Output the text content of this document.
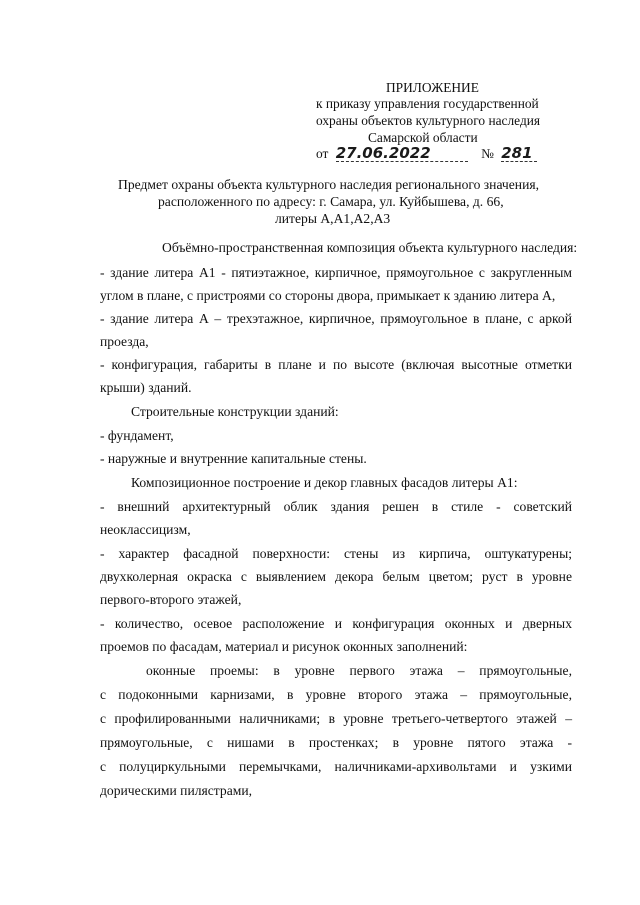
ПРИЛОЖЕНИЕ
к приказу управления государственной
охраны объектов культурного наследия
Самарской области
от 27.06.2022	№ 281
Предмет охраны объекта культурного наследия регионального значения,
расположенного по адресу: г. Самара, ул. Куйбышева, д. 66,
литеры А,А1,А2,А3
Объёмно-пространственная композиция объекта культурного наследия:
- здание литера А1 - пятиэтажное, кирпичное, прямоугольное с закругленным
углом в плане, с пристроями со стороны двора, примыкает к зданию литера А,
- здание литера А – трехэтажное, кирпичное, прямоугольное в плане, с аркой
проезда,
- конфигурация, габариты в плане и по высоте (включая высотные отметки
крыши) зданий.
Строительные конструкции зданий:
- фундамент,
- наружные и внутренние капитальные стены.
Композиционное построение и декор главных фасадов литеры А1:
- внешний архитектурный облик здания решен в стиле - советский
неоклассицизм,
- характер фасадной поверхности: стены из кирпича, оштукатурены;
двухколерная окраска с выявлением декора белым цветом; руст в уровне
первого-второго этажей,
- количество, осевое расположение и конфигурация оконных и дверных
проемов по фасадам, материал и рисунок оконных заполнений:
оконные проемы: в уровне первого этажа – прямоугольные,
с подоконными карнизами, в уровне второго этажа – прямоугольные,
с профилированными наличниками; в уровне третьего-четвертого этажей –
прямоугольные, с нишами в простенках; в уровне пятого этажа -
с полуциркульными перемычками, наличниками-архивольтами и узкими
дорическими пилястрами,
